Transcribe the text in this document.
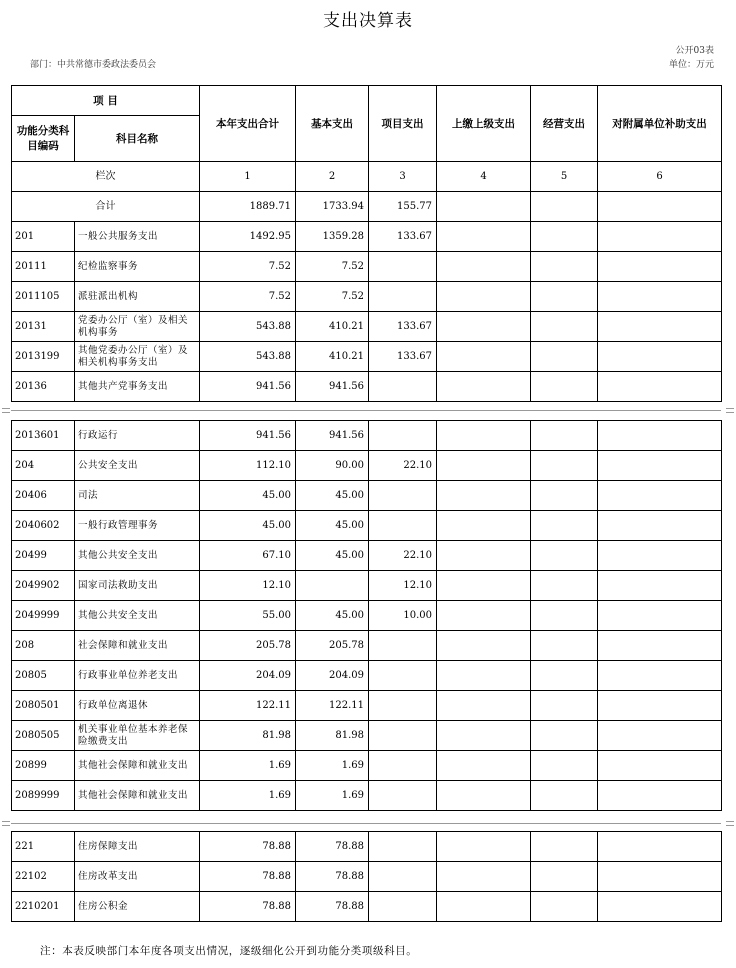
支出决算表
部门：中共常德市委政法委员会
公开03表
单位：万元
项 目		本年支出合计	基本支出	项目支出	上缴上级支出	经营支出	对附属单位补助支出
功能分类科目编码	科目名称						
栏次		1	2	3	4	5	6
合计		1889.71	1733.94	155.77			
201	一般公共服务支出	1492.95	1359.28	133.67			
20111	纪检监察事务	7.52	7.52				
2011105	派驻派出机构	7.52	7.52				
20131	党委办公厅（室）及相关机构事务	543.88	410.21	133.67			
2013199	其他党委办公厅（室）及相关机构事务支出	543.88	410.21	133.67			
20136	其他共产党事务支出	941.56	941.56				
2013601	行政运行	941.56	941.56				
204	公共安全支出	112.10	90.00	22.10			
20406	司法	45.00	45.00				
2040602	一般行政管理事务	45.00	45.00				
20499	其他公共安全支出	67.10	45.00	22.10			
2049902	国家司法救助支出	12.10		12.10			
2049999	其他公共安全支出	55.00	45.00	10.00			
208	社会保障和就业支出	205.78	205.78				
20805	行政事业单位养老支出	204.09	204.09				
2080501	行政单位离退休	122.11	122.11				
2080505	机关事业单位基本养老保险缴费支出	81.98	81.98				
20899	其他社会保障和就业支出	1.69	1.69				
2089999	其他社会保障和就业支出	1.69	1.69				
221	住房保障支出	78.88	78.88				
22102	住房改革支出	78.88	78.88				
2210201	住房公积金	78.88	78.88				
注：本表反映部门本年度各项支出情况，逐级细化公开到功能分类项级科目。
